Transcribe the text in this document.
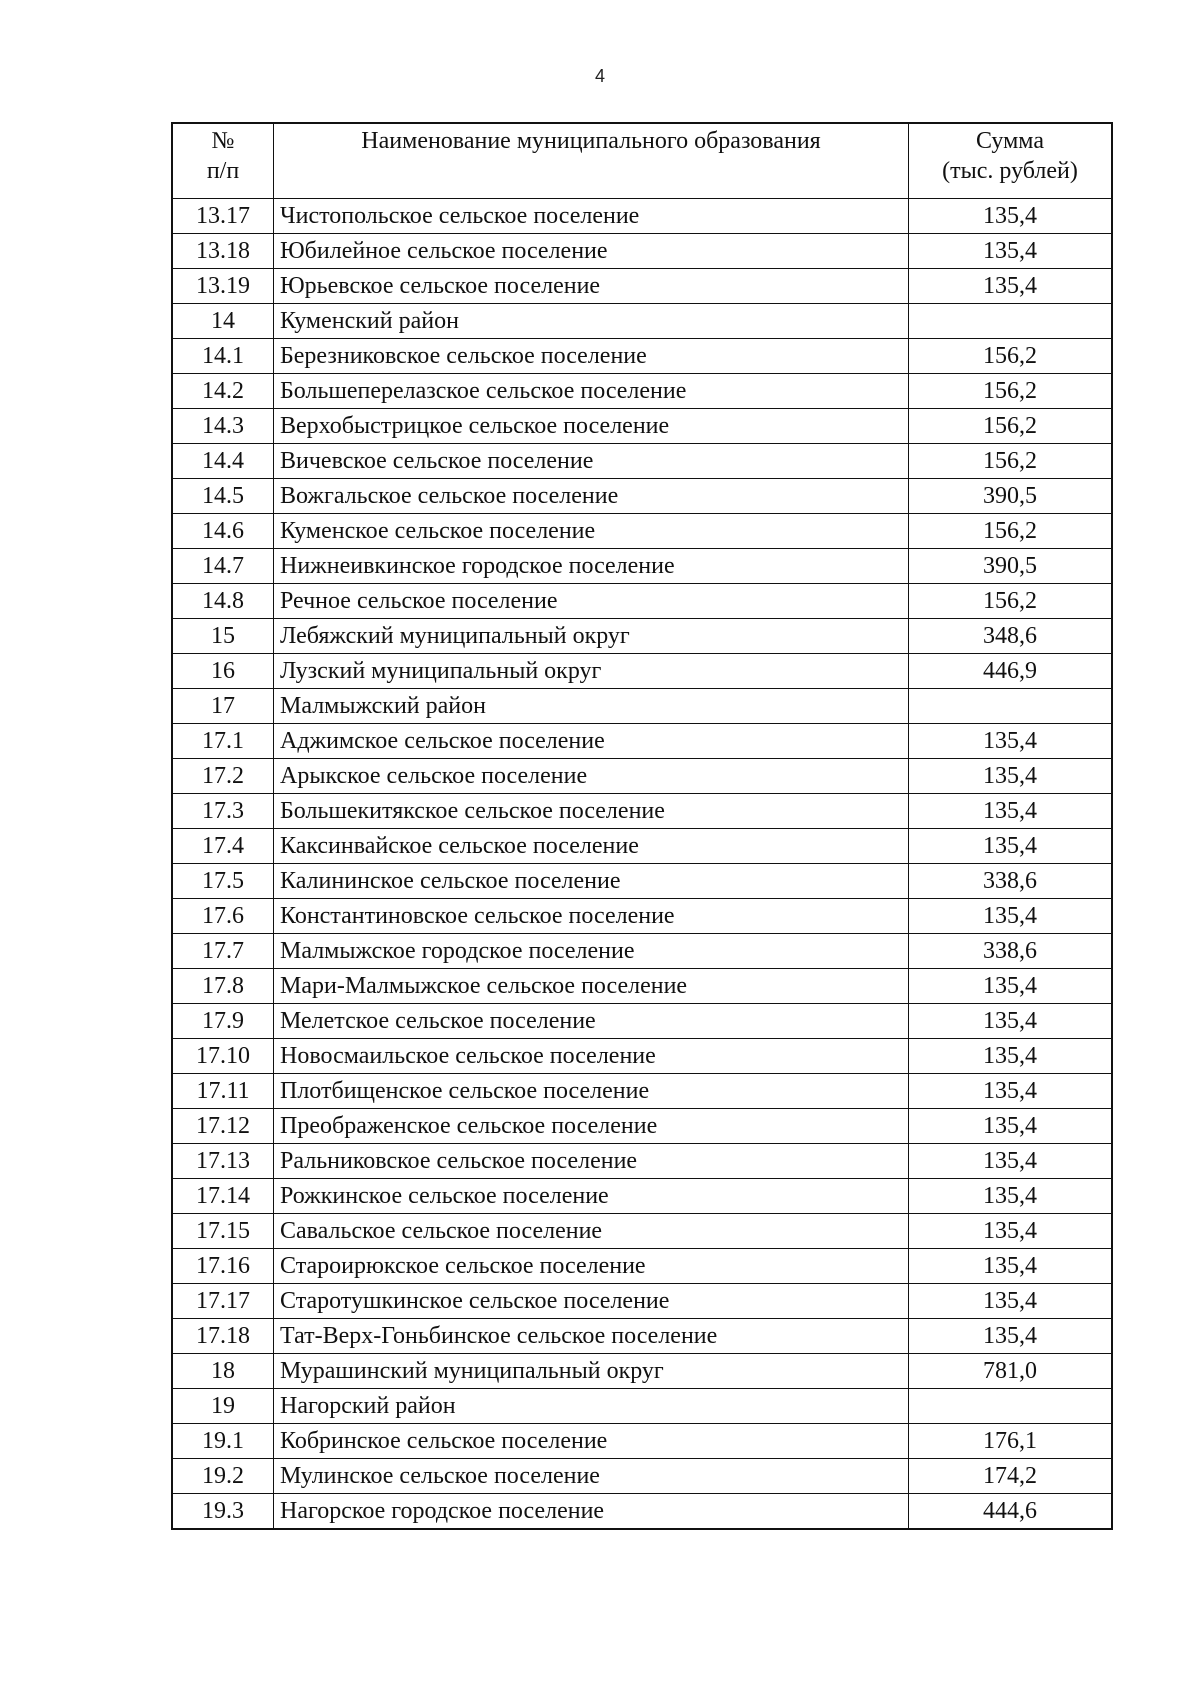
4
№
п/п	Наименование муниципального образования	Сумма
(тыс. рублей)

13.17	Чистопольское сельское поселение	135,4
13.18	Юбилейное сельское поселение	135,4
13.19	Юрьевское сельское поселение	135,4
14	Куменский район	
14.1	Березниковское сельское поселение	156,2
14.2	Большеперелазское сельское поселение	156,2
14.3	Верхобыстрицкое сельское поселение	156,2
14.4	Вичевское сельское поселение	156,2
14.5	Вожгальское сельское поселение	390,5
14.6	Куменское сельское поселение	156,2
14.7	Нижнеивкинское городское поселение	390,5
14.8	Речное сельское поселение	156,2
15	Лебяжский муниципальный округ	348,6
16	Лузский муниципальный округ	446,9
17	Малмыжский район	
17.1	Аджимское сельское поселение	135,4
17.2	Арыкское сельское поселение	135,4
17.3	Большекитякское сельское поселение	135,4
17.4	Каксинвайское сельское поселение	135,4
17.5	Калининское сельское поселение	338,6
17.6	Константиновское сельское поселение	135,4
17.7	Малмыжское городское поселение	338,6
17.8	Мари-Малмыжское сельское поселение	135,4
17.9	Мелетское сельское поселение	135,4
17.10	Новосмаильское сельское поселение	135,4
17.11	Плотбищенское сельское поселение	135,4
17.12	Преображенское сельское поселение	135,4
17.13	Ральниковское сельское поселение	135,4
17.14	Рожкинское сельское поселение	135,4
17.15	Савальское сельское поселение	135,4
17.16	Староирюкское сельское поселение	135,4
17.17	Старотушкинское сельское поселение	135,4
17.18	Тат-Верх-Гоньбинское сельское поселение	135,4
18	Мурашинский муниципальный округ	781,0
19	Нагорский район	
19.1	Кобринское сельское поселение	176,1
19.2	Мулинское сельское поселение	174,2
19.3	Нагорское городское поселение	444,6
